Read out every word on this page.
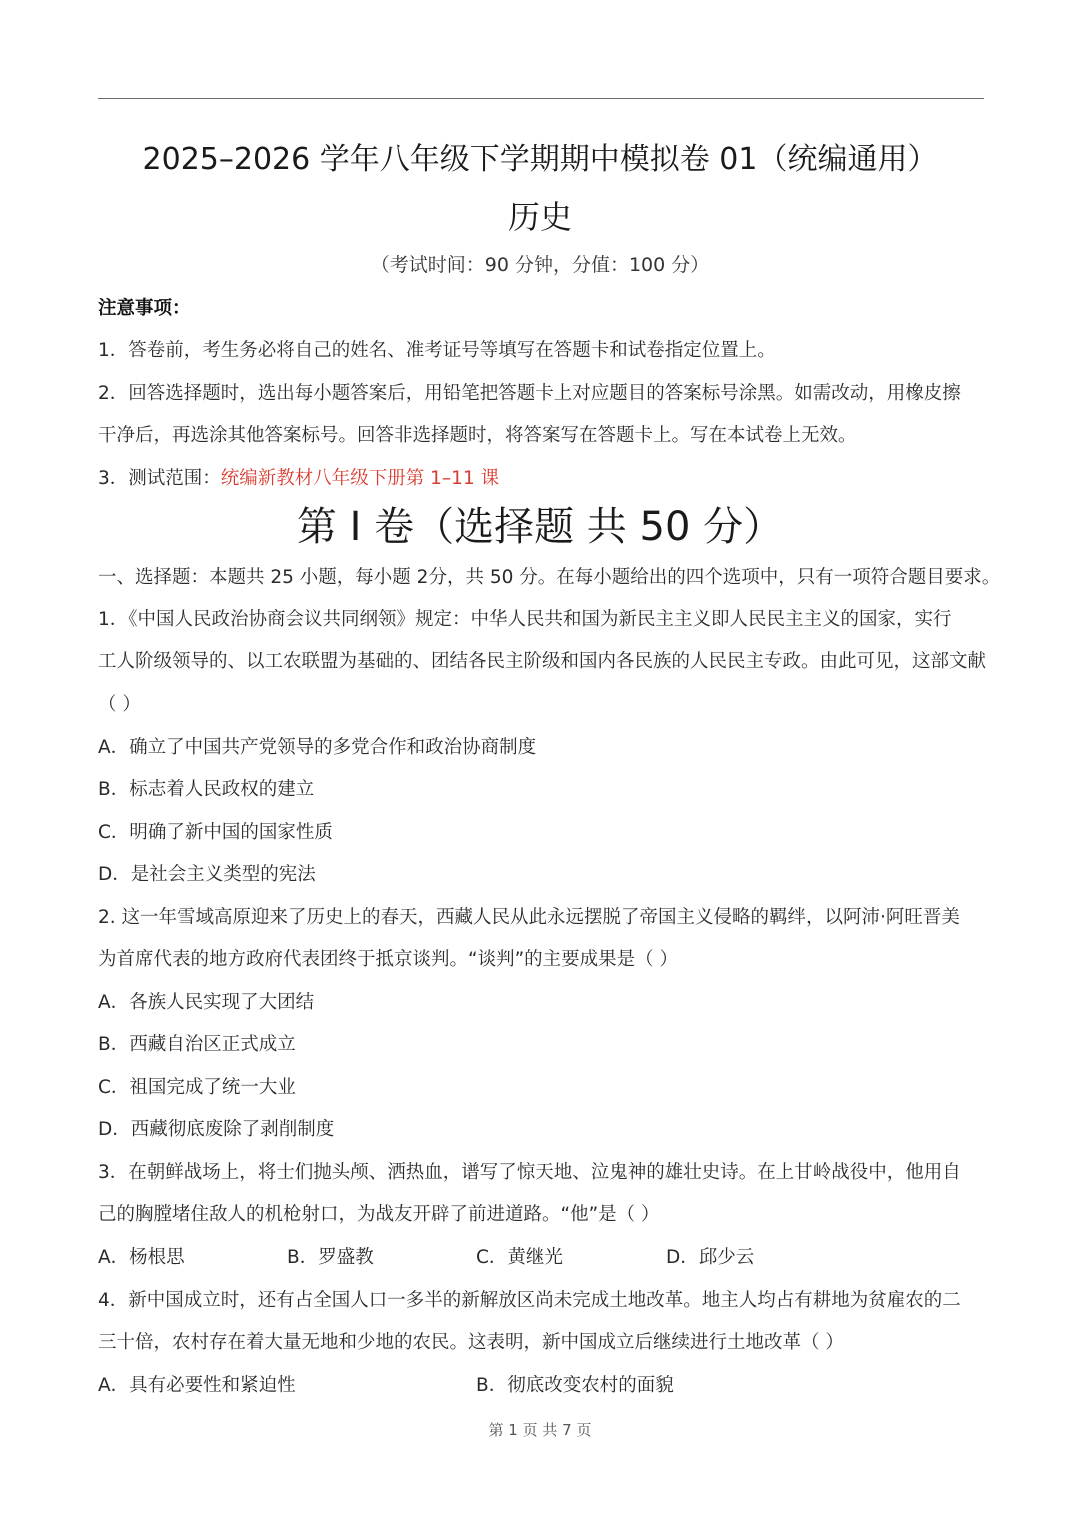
2025–2026 学年八年级下学期期中模拟卷 01（统编通用）
历史
（考试时间：90 分钟，分值：100 分）
注意事项：
1．答卷前，考生务必将自己的姓名、准考证号等填写在答题卡和试卷指定位置上。
2．回答选择题时，选出每小题答案后，用铅笔把答题卡上对应题目的答案标号涂黑。如需改动，用橡皮擦
干净后，再选涂其他答案标号。回答非选择题时，将答案写在答题卡上。写在本试卷上无效。
3．测试范围：统编新教材八年级下册第 1–11 课
第 I 卷（选择题 共 50 分）
一、选择题：本题共 25 小题，每小题 2分，共 50 分。在每小题给出的四个选项中，只有一项符合题目要求。
1．《中国人民政治协商会议共同纲领》规定：中华人民共和国为新民主主义即人民民主主义的国家，实行
工人阶级领导的、以工农联盟为基础的、团结各民主阶级和国内各民族的人民民主专政。由此可见，这部文献
（ ）
A．确立了中国共产党领导的多党合作和政治协商制度
B．标志着人民政权的建立
C．明确了新中国的国家性质
D．是社会主义类型的宪法
2. 这一年雪域高原迎来了历史上的春天，西藏人民从此永远摆脱了帝国主义侵略的羁绊，以阿沛·阿旺晋美
为首席代表的地方政府代表团终于抵京谈判。“谈判”的主要成果是（ ）
A．各族人民实现了大团结
B．西藏自治区正式成立
C．祖国完成了统一大业
D．西藏彻底废除了剥削制度
3．在朝鲜战场上，将士们抛头颅、洒热血，谱写了惊天地、泣鬼神的雄壮史诗。在上甘岭战役中，他用自
己的胸膛堵住敌人的机枪射口，为战友开辟了前进道路。“他”是（ ）
A．杨根思	B．罗盛教	C．黄继光	D．邱少云
4．新中国成立时，还有占全国人口一多半的新解放区尚未完成土地改革。地主人均占有耕地为贫雇农的二
三十倍，农村存在着大量无地和少地的农民。这表明，新中国成立后继续进行土地改革（ ）
A．具有必要性和紧迫性	B．彻底改变农村的面貌
第 1 页 共 7 页
